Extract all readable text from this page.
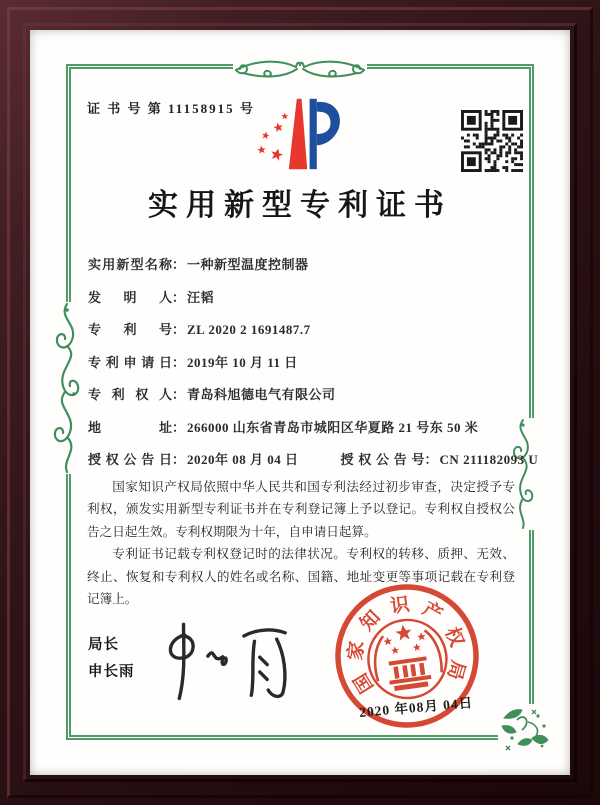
证 书 号 第 11158915 号
实用新型专利证书
实用新型名称： 一种新型温度控制器
发明人： 汪韬
专利号： ZL 2020 2 1691487.7
专利申请日： 2019年 10 月 11 日
专利权人： 青岛科旭德电气有限公司
地址： 266000 山东省青岛市城阳区华夏路 21 号东 50 米
授权公告日： 2020年 08 月 04 日	授权公告号： CN 211182093 U

国家知识产权局依照中华人民共和国专利法经过初步审查，决定授予专利权，颁发实用新型专利证书并在专利登记簿上予以登记。专利权自授权公告之日起生效。专利权期限为十年，自申请日起算。

专利证书记载专利权登记时的法律状况。专利权的转移、质押、无效、终止、恢复和专利权人的姓名或名称、国籍、地址变更等事项记载在专利登记簿上。

局长
申长雨	国
家
知
识 产
权
局
2020 年08月 04日
